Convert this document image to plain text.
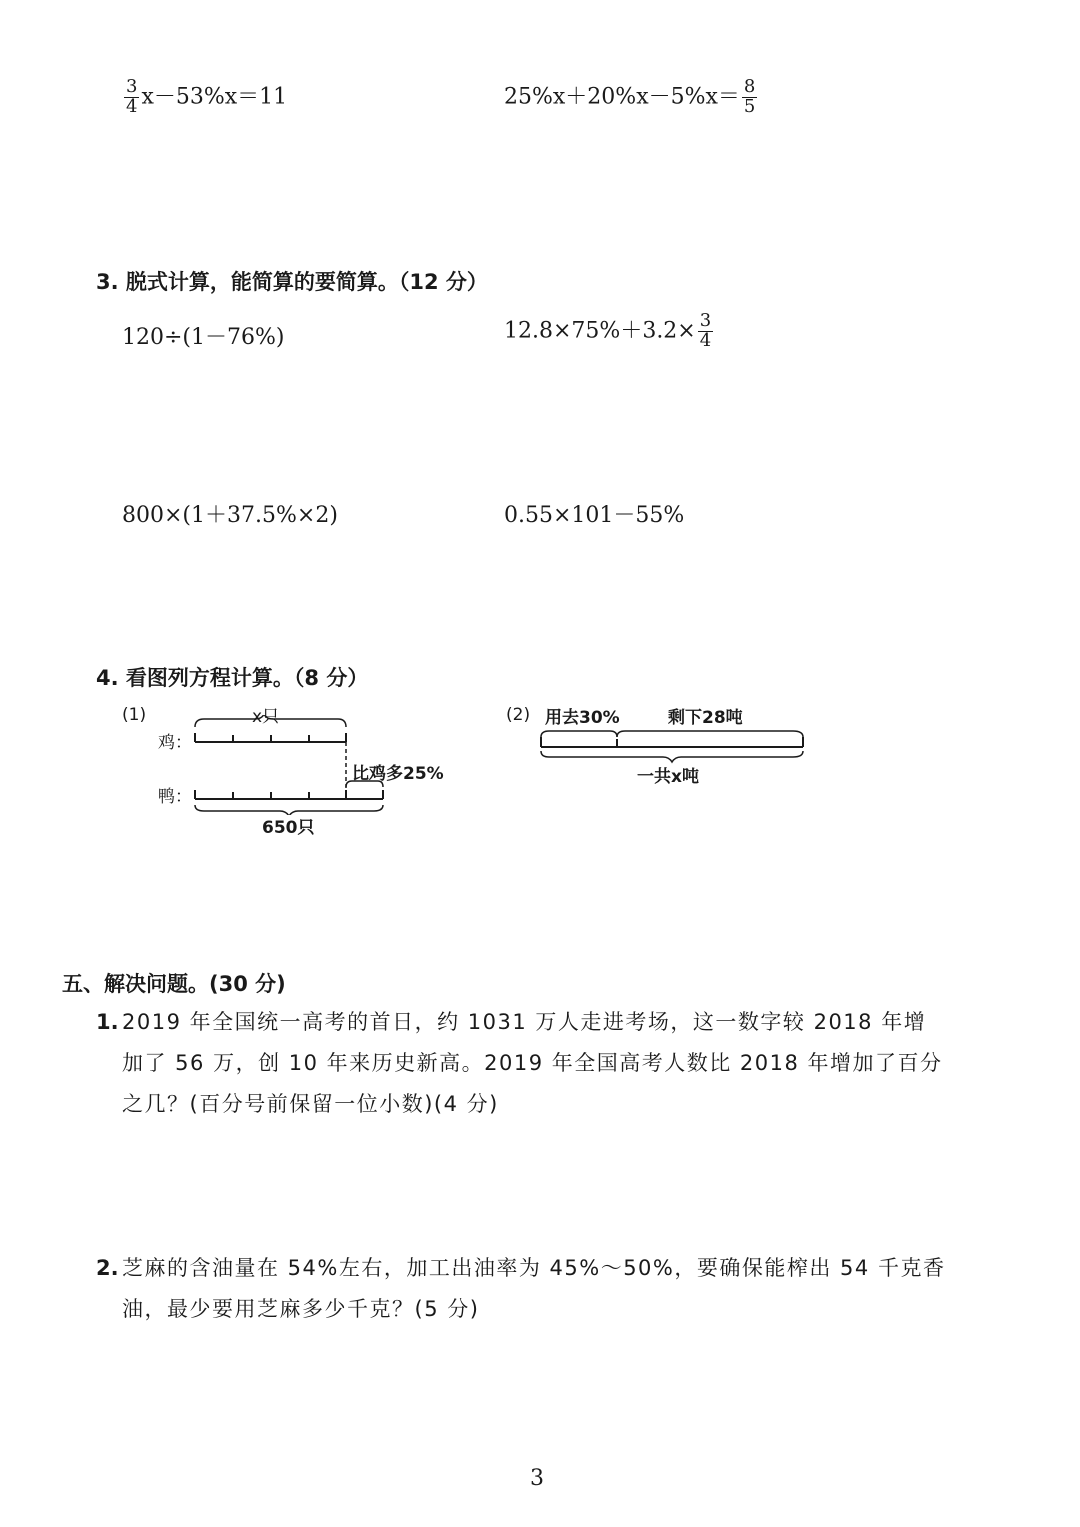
$\frac{3}{4} x-53\%x=11$	$25\%x+20\%x-5\%x= \frac{8}{5}$
3. 脱式计算，能简算的要简算。（12 分）
120÷(1－76%)	$12.8\times 75\%+3.2\times \frac{3}{4}$
800×(1＋37.5%×2)	0.55×101－55%
4. 看图列方程计算。（8 分）
(1)	x只
鸡：
比鸡多25%
鸭：
650只
(2) 用去30%	剩下28吨
一共x吨
五、解决问题。(30 分)
1. 2019 年全国统一高考的首日，约 1031 万人走进考场，这一数字较 2018 年增加了 56 万，创 10 年来历史新高。2019 年全国高考人数比 2018 年增加了百分之几？(百分号前保留一位小数)(4 分)
2. 芝麻的含油量在 54%左右，加工出油率为 45%～50%，要确保能榨出 54 千克香油，最少要用芝麻多少千克？(5 分)
3
